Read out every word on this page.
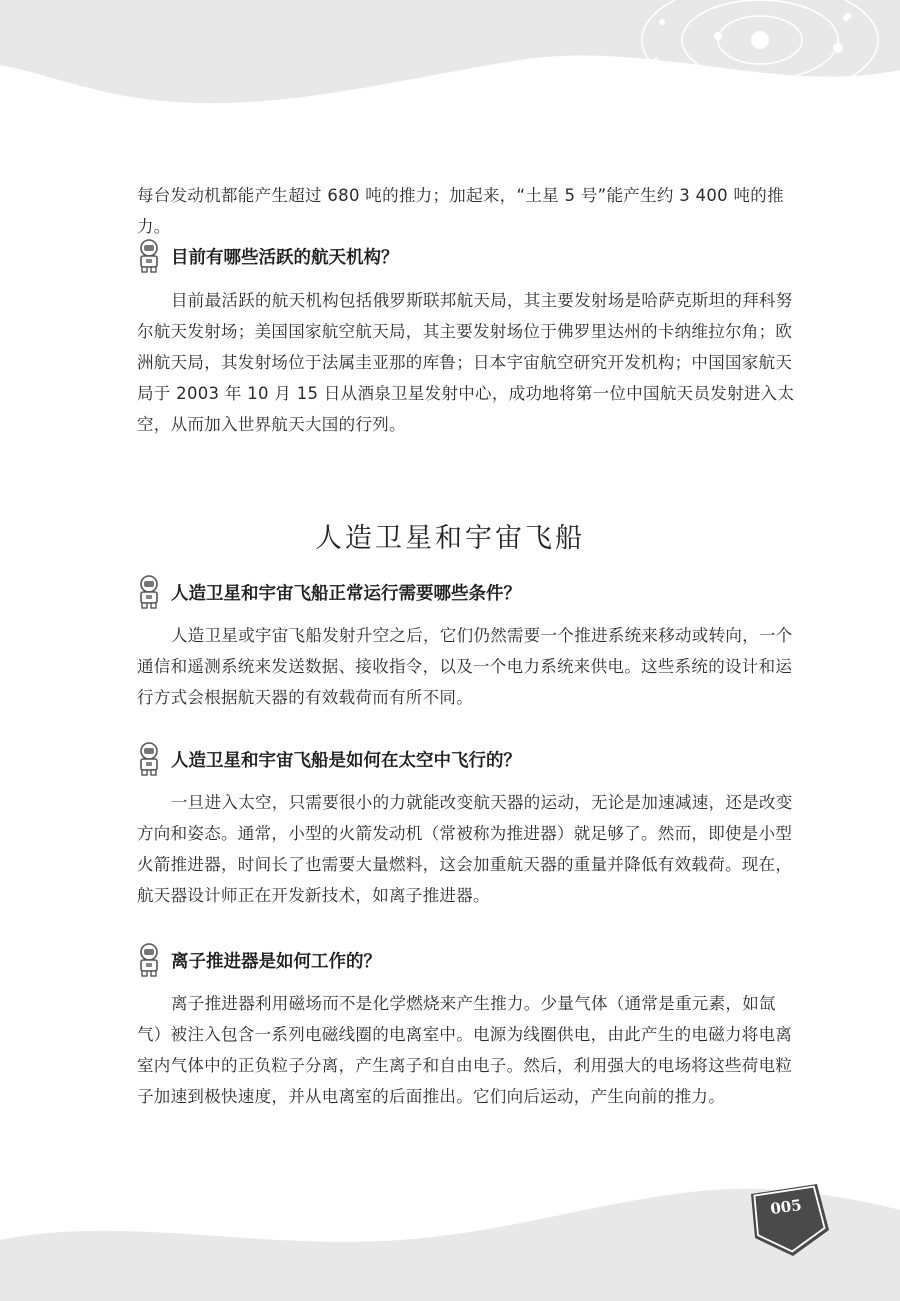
每台发动机都能产生超过 680 吨的推力；加起来，“土星 5 号”能产生约 3 400 吨的推力。

目前有哪些活跃的航天机构？

目前最活跃的航天机构包括俄罗斯联邦航天局，其主要发射场是哈萨克斯坦的拜科努尔航天发射场；美国国家航空航天局，其主要发射场位于佛罗里达州的卡纳维拉尔角；欧洲航天局，其发射场位于法属圭亚那的库鲁；日本宇宙航空研究开发机构；中国国家航天局于 2003 年 10 月 15 日从酒泉卫星发射中心，成功地将第一位中国航天员发射进入太空，从而加入世界航天大国的行列。

人造卫星和宇宙飞船
人造卫星和宇宙飞船正常运行需要哪些条件？

人造卫星或宇宙飞船发射升空之后，它们仍然需要一个推进系统来移动或转向，一个通信和遥测系统来发送数据、接收指令，以及一个电力系统来供电。这些系统的设计和运行方式会根据航天器的有效载荷而有所不同。

人造卫星和宇宙飞船是如何在太空中飞行的？

一旦进入太空，只需要很小的力就能改变航天器的运动，无论是加速减速，还是改变方向和姿态。通常，小型的火箭发动机（常被称为推进器）就足够了。然而，即使是小型火箭推进器，时间长了也需要大量燃料，这会加重航天器的重量并降低有效载荷。现在，航天器设计师正在开发新技术，如离子推进器。

离子推进器是如何工作的？

离子推进器利用磁场而不是化学燃烧来产生推力。少量气体（通常是重元素，如氙气）被注入包含一系列电磁线圈的电离室中。电源为线圈供电，由此产生的电磁力将电离室内气体中的正负粒子分离，产生离子和自由电子。然后，利用强大的电场将这些荷电粒子加速到极快速度，并从电离室的后面推出。它们向后运动，产生向前的推力。

005
